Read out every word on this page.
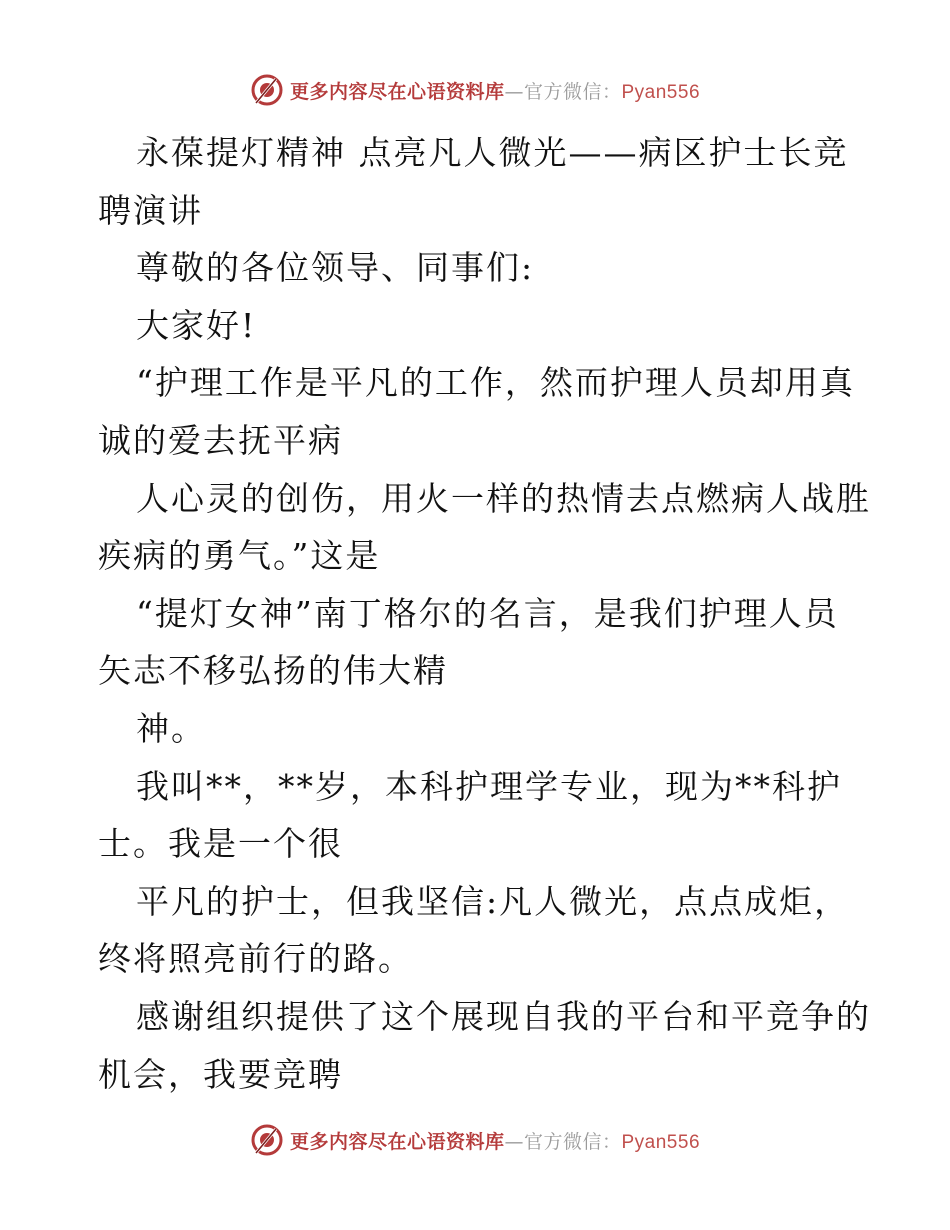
更多内容尽在心语资料库—官方微信：Pyan556
永葆提灯精神 点亮凡人微光——病区护士长竞
聘演讲
尊敬的各位领导、同事们:
大家好!
“护理工作是平凡的工作，然而护理人员却用真
诚的爱去抚平病
人心灵的创伤，用火一样的热情去点燃病人战胜
疾病的勇气。”这是
“提灯女神”南丁格尔的名言，是我们护理人员
矢志不移弘扬的伟大精
神。
我叫**，**岁，本科护理学专业，现为**科护
士。我是一个很
平凡的护士，但我坚信:凡人微光，点点成炬，
终将照亮前行的路。
感谢组织提供了这个展现自我的平台和平竞争的
机会，我要竞聘
更多内容尽在心语资料库—官方微信：Pyan556
